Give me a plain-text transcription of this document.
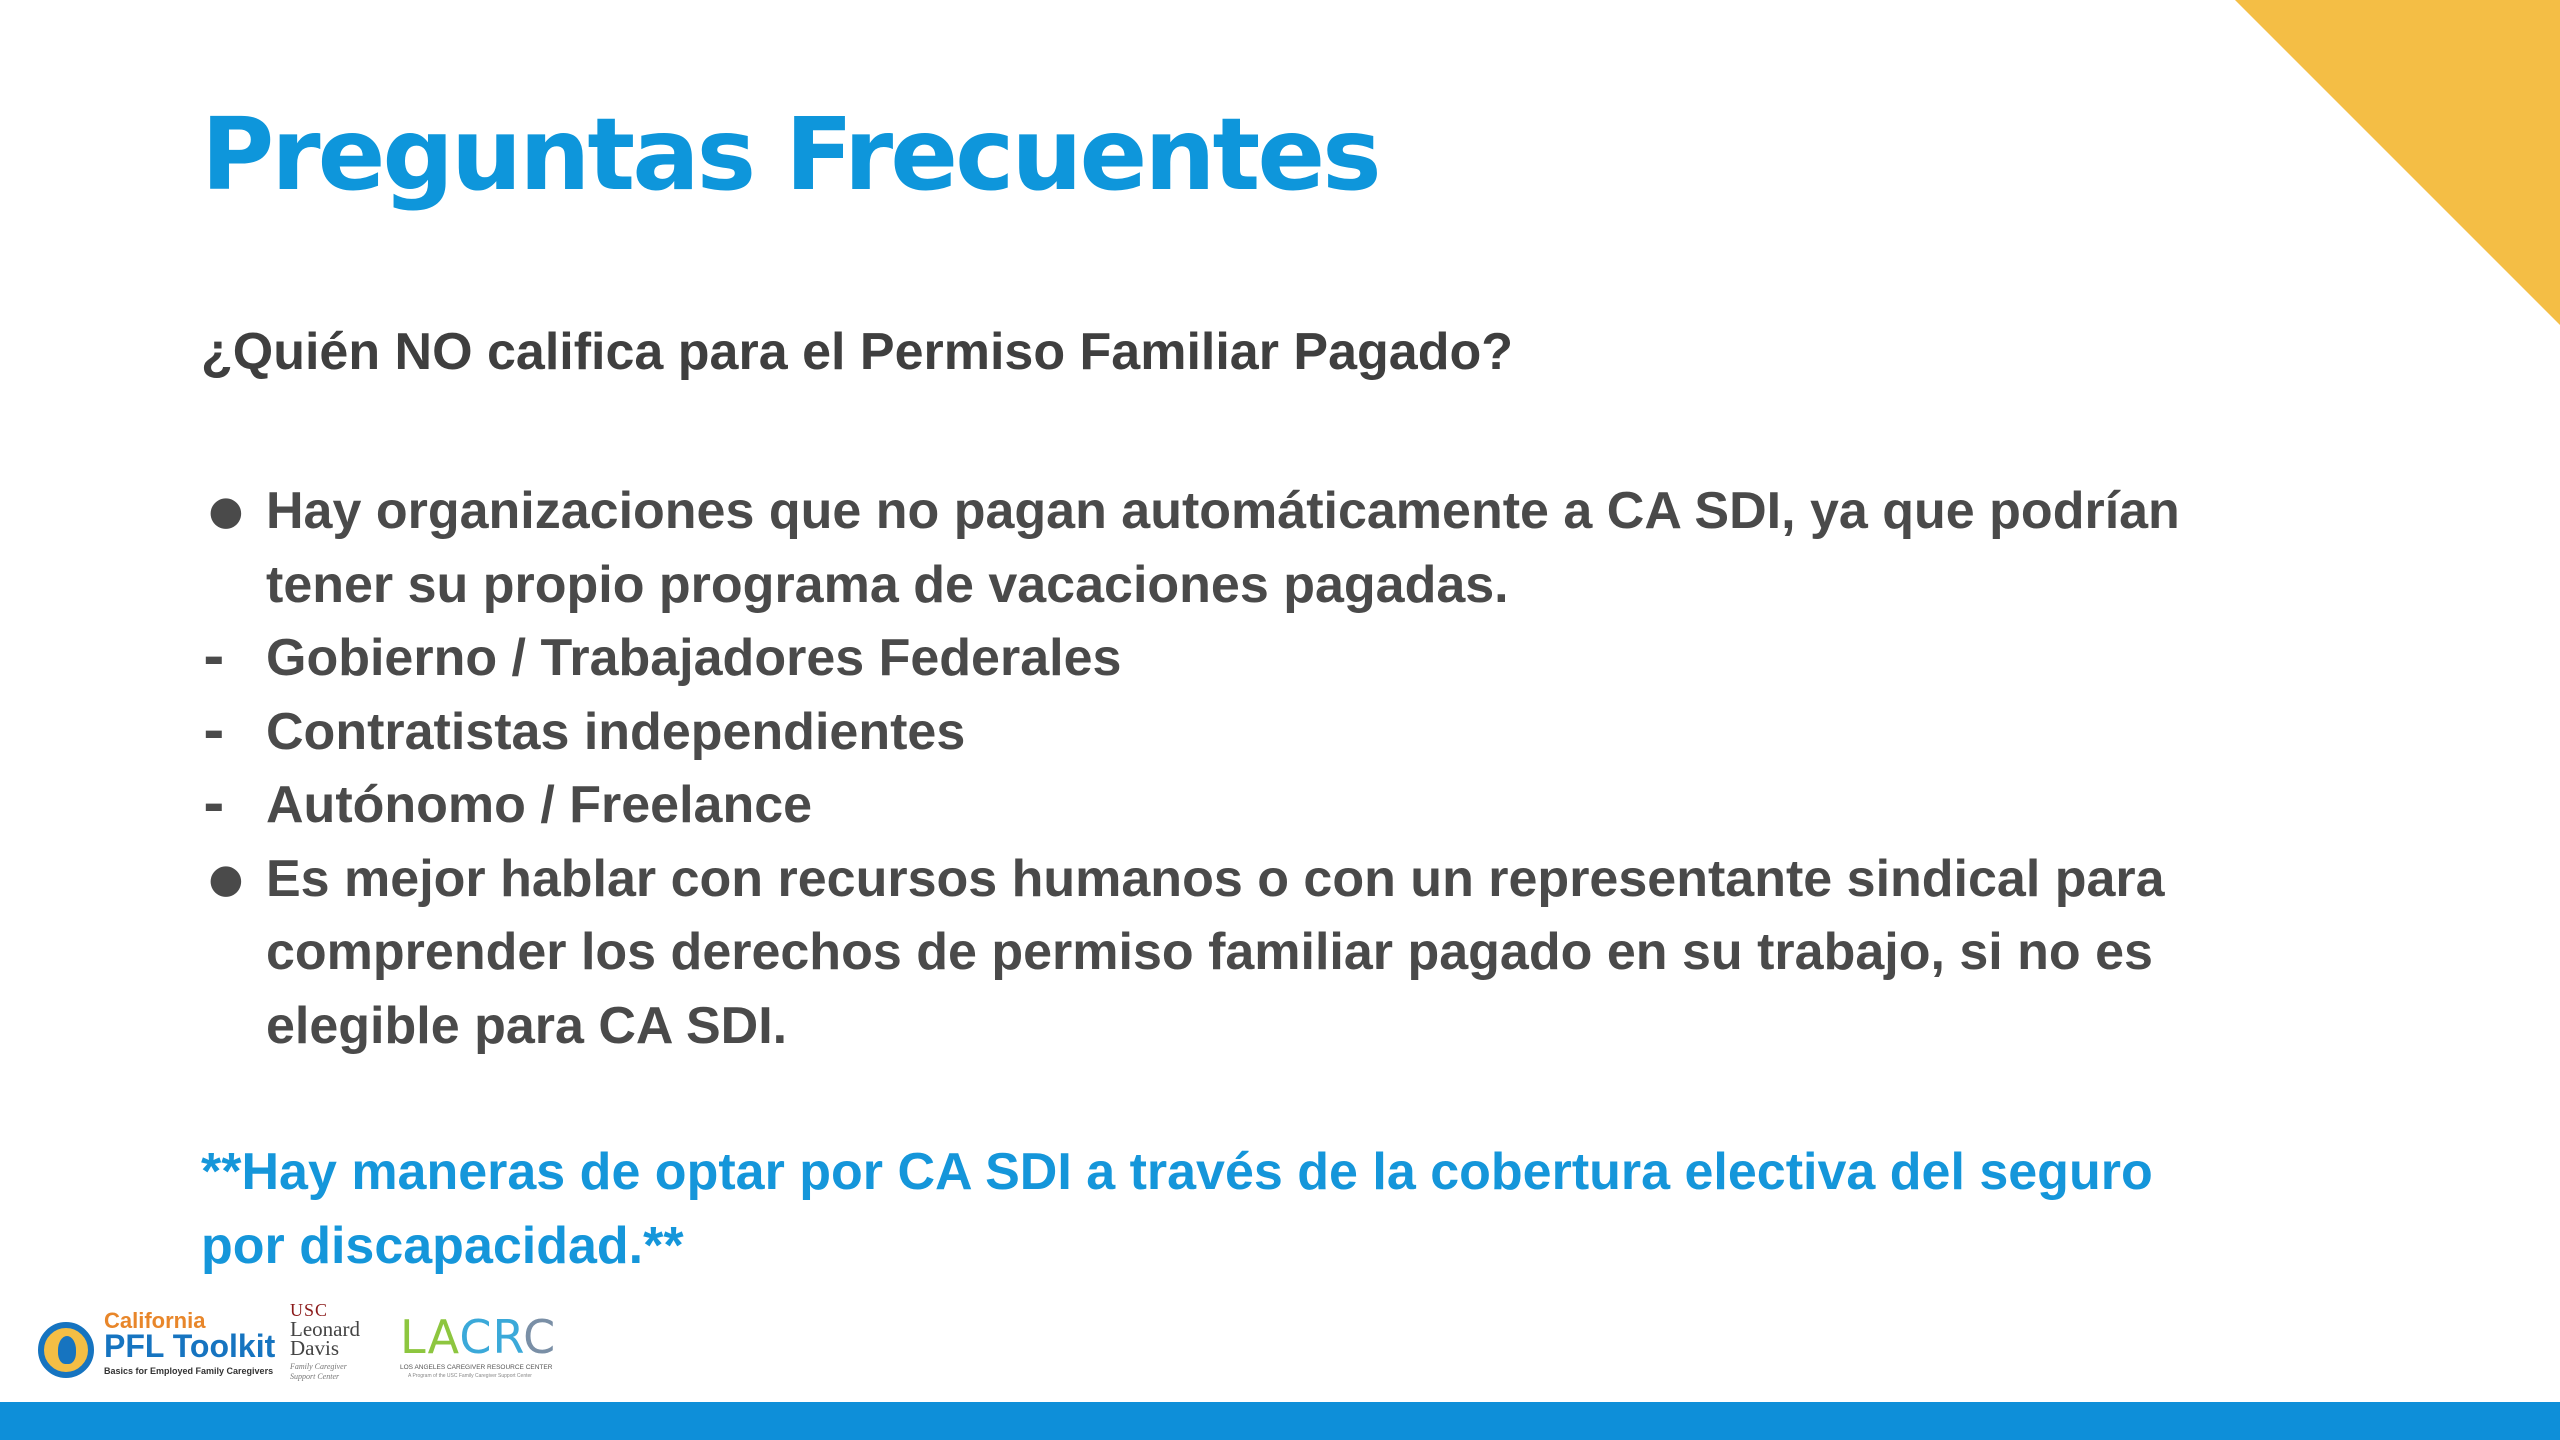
Preguntas Frecuentes
¿Quién NO califica para el Permiso Familiar Pagado?
● Hay organizaciones que no pagan automáticamente a CA SDI, ya que podrían tener su propio programa de vacaciones pagadas.
- Gobierno / Trabajadores Federales
- Contratistas independientes
- Autónomo / Freelance
● Es mejor hablar con recursos humanos o con un representante sindical para comprender los derechos de permiso familiar pagado en su trabajo, si no es elegible para CA SDI.

**Hay maneras de optar por CA SDI a través de la cobertura electiva del seguro por discapacidad.**

California
PFL Toolkit
Basics for Employed Family Caregivers
USC
Leonard Davis
Family Caregiver Support Center
LACRC
LOS ANGELES CAREGIVER RESOURCE CENTER
A Program of the USC Family Caregiver Support Center
